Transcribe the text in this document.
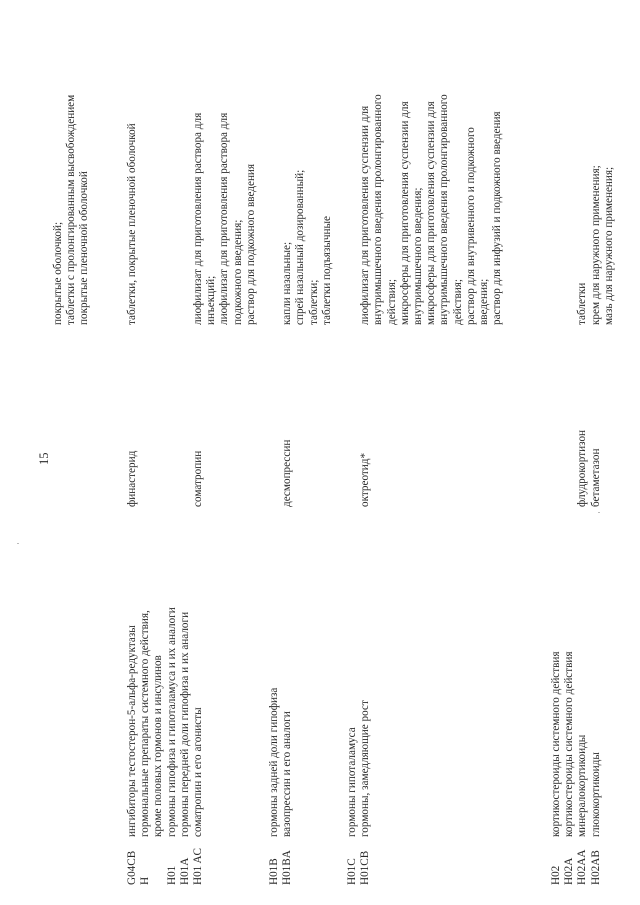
15
покрытые оболочкой; таблетки с пролонгированным высвобождением покрытые пленочной оболочкой
G04CB H H01 H01A H01 AC
ингибиторы тестостерон-5-альфа-редуктазы гормональные препараты системного действия, кроме половых гормонов и инсулинов гормоны гипофиза и гипоталамуса и их аналоги гормоны передней доли гипофиза и их аналоги соматропин и его агонисты
финастерид	соматропин
таблетки, покрытые пленочной оболочкой	лиофилизат для приготовления раствора для инъекций; лиофилизат для приготовления раствора для подкожного введения; раствор для подкожного введения
H01B H01BA
гормоны задней доли гипофиза вазопрессин и его аналоги
десмопрессин
капли назальные; спрей назальный дозированный; таблетки; таблетки подъязычные
H01C H01CB
гормоны гипоталамуса гормоны, замедляющие рост
октреотид*
лиофилизат для приготовления суспензии для внутримышечного введения пролонгированного действия; микросферы для приготовления суспензии для внутримышечного введения; микросферы для приготовления суспензии для внутримышечного введения пролонгированного действия; раствор для внутривенного и подкожного введения; раствор для инфузий и подкожного введения
H02 H02A H02AA H02AB
кортикостероиды системного действия кортикостероиды системного действия минералокортикоиды глюкокортикоиды
флудрокортизон бетаметазон
таблетки крем для наружного применения; мазь для наружного применения;
